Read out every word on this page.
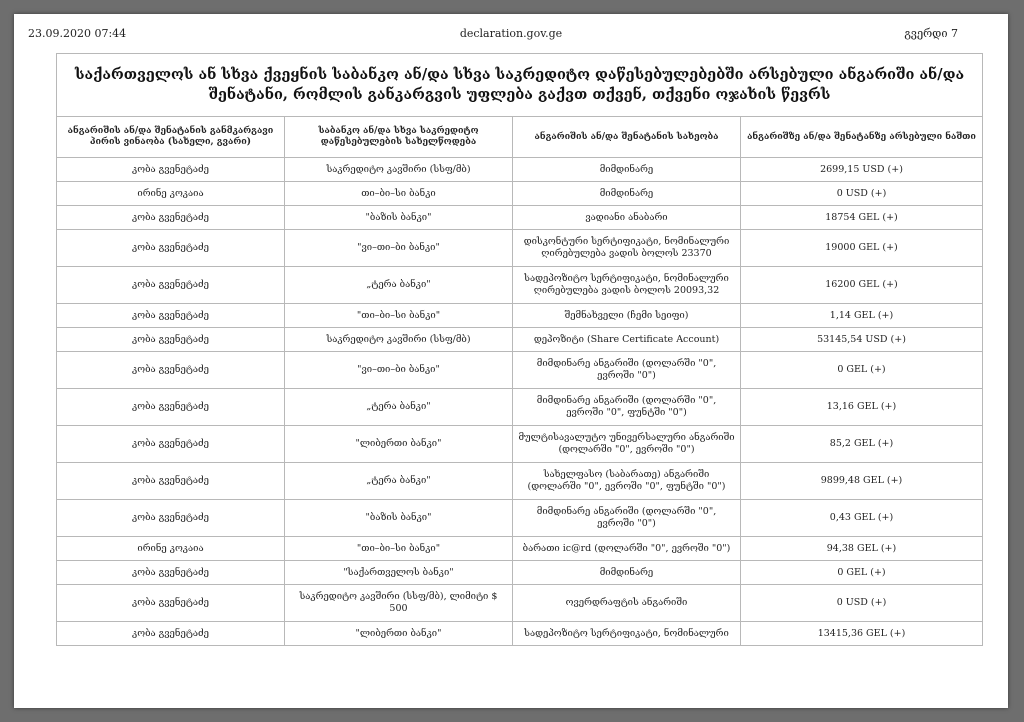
23.09.2020 07:44	declaration.gov.ge	გვერდი 7
საქართველოს ან სხვა ქვეყნის საბანკო ან/და სხვა საკრედიტო დაწესებულებებში არსებული ანგარიში ან/და შენატანი, რომლის განკარგვის უფლება გაქვთ თქვენ, თქვენი ოჯახის წევრს			
ანგარიშის ან/და შენატანის განმკარგავი პირის ვინაობა (სახელი, გვარი)	საბანკო ან/და სხვა საკრედიტო დაწესებულების სახელწოდება	ანგარიშის ან/და შენატანის სახეობა	ანგარიშზე ან/და შენატანზე არსებული ნაშთი
კობა გვენეტაძე	საკრედიტო კავშირი (სსფ/მბ)	მიმდინარე	2699,15 USD (+)
ირინე კოკაია	თი–ბი–სი ბანკი	მიმდინარე	0 USD (+)
კობა გვენეტაძე	"ბაზის ბანკი"	ვადიანი ანაბარი	18754 GEL (+)
კობა გვენეტაძე	"ვი–თი–ბი ბანკი"	დისკონტური სერტიფიკატი, ნომინალური ღირებულება ვადის ბოლოს 23370	19000 GEL (+)
კობა გვენეტაძე	„ტერა ბანკი"	სადეპოზიტო სერტიფიკატი, ნომინალური ღირებულება ვადის ბოლოს 20093,32	16200 GEL (+)
კობა გვენეტაძე	"თი–ბი–სი ბანკი"	შემნახველი (ჩემი სეიფი)	1,14 GEL (+)
კობა გვენეტაძე	საკრედიტო კავშირი (სსფ/მბ)	დეპოზიტი (Share Certificate Account)	53145,54 USD (+)
კობა გვენეტაძე	"ვი–თი–ბი ბანკი"	მიმდინარე ანგარიში (დოლარში "0", ევროში "0")	0 GEL (+)
კობა გვენეტაძე	„ტერა ბანკი"	მიმდინარე ანგარიში (დოლარში "0", ევროში "0", ფუნტში "0")	13,16 GEL (+)
კობა გვენეტაძე	"ლიბერთი ბანკი"	მულტისავალუტო უნივერსალური ანგარიში (დოლარში "0", ევროში "0")	85,2 GEL (+)
კობა გვენეტაძე	„ტერა ბანკი"	სახელფასო (საბარათე) ანგარიში (დოლარში "0", ევროში "0", ფუნტში "0")	9899,48 GEL (+)
კობა გვენეტაძე	"ბაზის ბანკი"	მიმდინარე ანგარიში (დოლარში "0", ევროში "0")	0,43 GEL (+)
ირინე კოკაია	"თი–ბი–სი ბანკი"	ბარათი ic@rd (დოლარში "0", ევროში "0")	94,38 GEL (+)
კობა გვენეტაძე	"საქართველოს ბანკი"	მიმდინარე	0 GEL (+)
კობა გვენეტაძე	საკრედიტო კავშირი (სსფ/მბ), ლიმიტი $ 500	ოვერდრაფტის ანგარიში	0 USD (+)
კობა გვენეტაძე	"ლიბერთი ბანკი"	სადეპოზიტო სერტიფიკატი, ნომინალური	13415,36 GEL (+)
